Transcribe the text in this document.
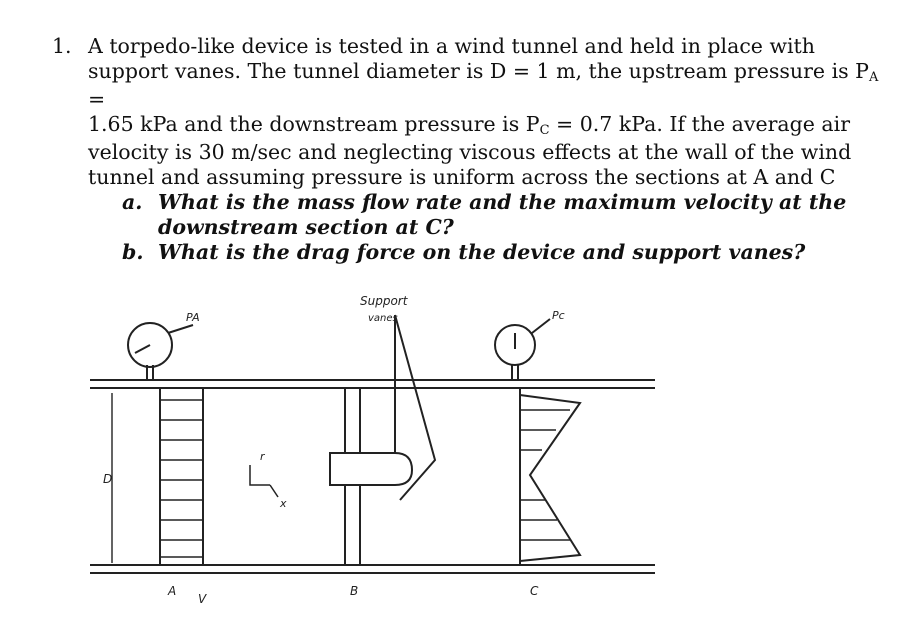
1. A torpedo-like device is tested in a wind tunnel and held in place with
support vanes. The tunnel diameter is D = 1 m, the upstream pressure is $P_A$ =
1.65 kPa and the downstream pressure is $P_C = 0.7$ kPa. If the average air
velocity is 30 m/sec and neglecting viscous effects at the wall of the wind
tunnel and assuming pressure is uniform across the sections at A and C
a. What is the mass flow rate and the maximum velocity at the
downstream section at C?
b. What is the drag force on the device and support vanes?
Support
vanes
PA	Pc
D
A
V
B	C
r
x
